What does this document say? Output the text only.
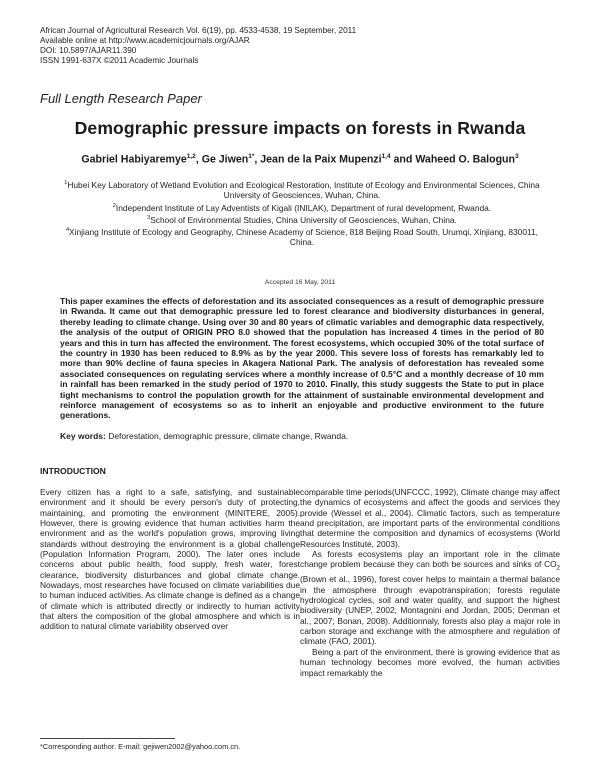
African Journal of Agricultural Research Vol. 6(19), pp. 4533-4538, 19 September, 2011
Available online at http://www.academicjournals.org/AJAR
DOI: 10.5897/AJAR11.390
ISSN 1991-637X ©2011 Academic Journals
Full Length Research Paper
Demographic pressure impacts on forests in Rwanda
Gabriel Habiyaremye$^{1,2}$, Ge Jiwen$^{1*}$, Jean de la Paix Mupenzi$^{1,4}$ and Waheed O. Balogun$^3$
$^1$Hubei Key Laboratory of Wetland Evolution and Ecological Restoration, Institute of Ecology and Environmental Sciences, China University of Geosciences, Wuhan, China.
$^2$Independent Institute of Lay Adventists of Kigali (INILAK), Department of rural development, Rwanda.
$^3$School of Environmental Studies, China University of Geosciences, Wuhan, China.
$^4$Xinjiang Institute of Ecology and Geography, Chinese Academy of Science, 818 Beijing Road South, Urumqi, Xinjiang, 830011, China.
Accepted 16 May, 2011
This paper examines the effects of deforestation and its associated consequences as a result of demographic pressure in Rwanda. It came out that demographic pressure led to forest clearance and biodiversity disturbances in general, thereby leading to climate change. Using over 30 and 80 years of climatic variables and demographic data respectively, the analysis of the output of ORIGIN PRO 8.0 showed that the population has increased 4 times in the period of 80 years and this in turn has affected the environment. The forest ecosystems, which occupied 30% of the total surface of the country in 1930 has been reduced to 8.9% as by the year 2000. This severe loss of forests has remarkably led to more than 90% decline of fauna species in Akagera National Park. The analysis of deforestation has revealed some associated consequences on regulating services where a monthly increase of 0.5°C and a monthly decrease of 10 mm in rainfall has been remarked in the study period of 1970 to 2010. Finally, this study suggests the State to put in place tight mechanisms to control the population growth for the attainment of sustainable environmental development and reinforce management of ecosystems so as to inherit an enjoyable and productive environment to the future generations.
Key words: Deforestation, demographic pressure, climate change, Rwanda.
INTRODUCTION

Every citizen has a right to a safe, satisfying, and sustainable environment and it should be every person's duty of protecting, maintaining, and promoting the environment (MINITERE, 2005). However, there is growing evidence that human activities harm the environment and as the world's population grows, improving living standards without destroying the environment is a global challenge (Population Information Program, 2000). The later ones include concerns about public health, food supply, fresh water, forest clearance, biodiversity disturbances and global climate change. Nowadays, most researches have focused on climate variabilities due to human induced activities. As climate change is defined as a change of climate which is attributed directly or indirectly to human activity that alters the composition of the global atmosphere and which is in addition to natural climate variability observed over

comparable time periods(UNFCCC, 1992), Climate change may affect the dynamics of ecosystems and affect the goods and services they provide (Wessel et al., 2004). Climatic factors, such as temperature and precipitation, are important parts of the environmental conditions that determine the composition and dynamics of ecosystems (World Resources Institute, 2003).

As forests ecosystems play an important role in the climate change problem because they can both be sources and sinks of $CO_2$ (Brown et al., 1996), forest cover helps to maintain a thermal balance in the atmosphere through evapotranspiration; forests regulate hydrological cycles, soil and water quality, and support the highest biodiversity (UNEP, 2002; Montagnini and Jordan, 2005; Denman et al., 2007; Bonan, 2008). Additionnaly, forests also play a major role in carbon storage and exchange with the atmosphere and regulation of climate (FAO, 2001).

Being a part of the environment, there is growing evidence that as human technology becomes more evolved, the human activities impact remarkably the

*Corresponding author. E-mail: gejiwen2002@yahoo.com.cn.
